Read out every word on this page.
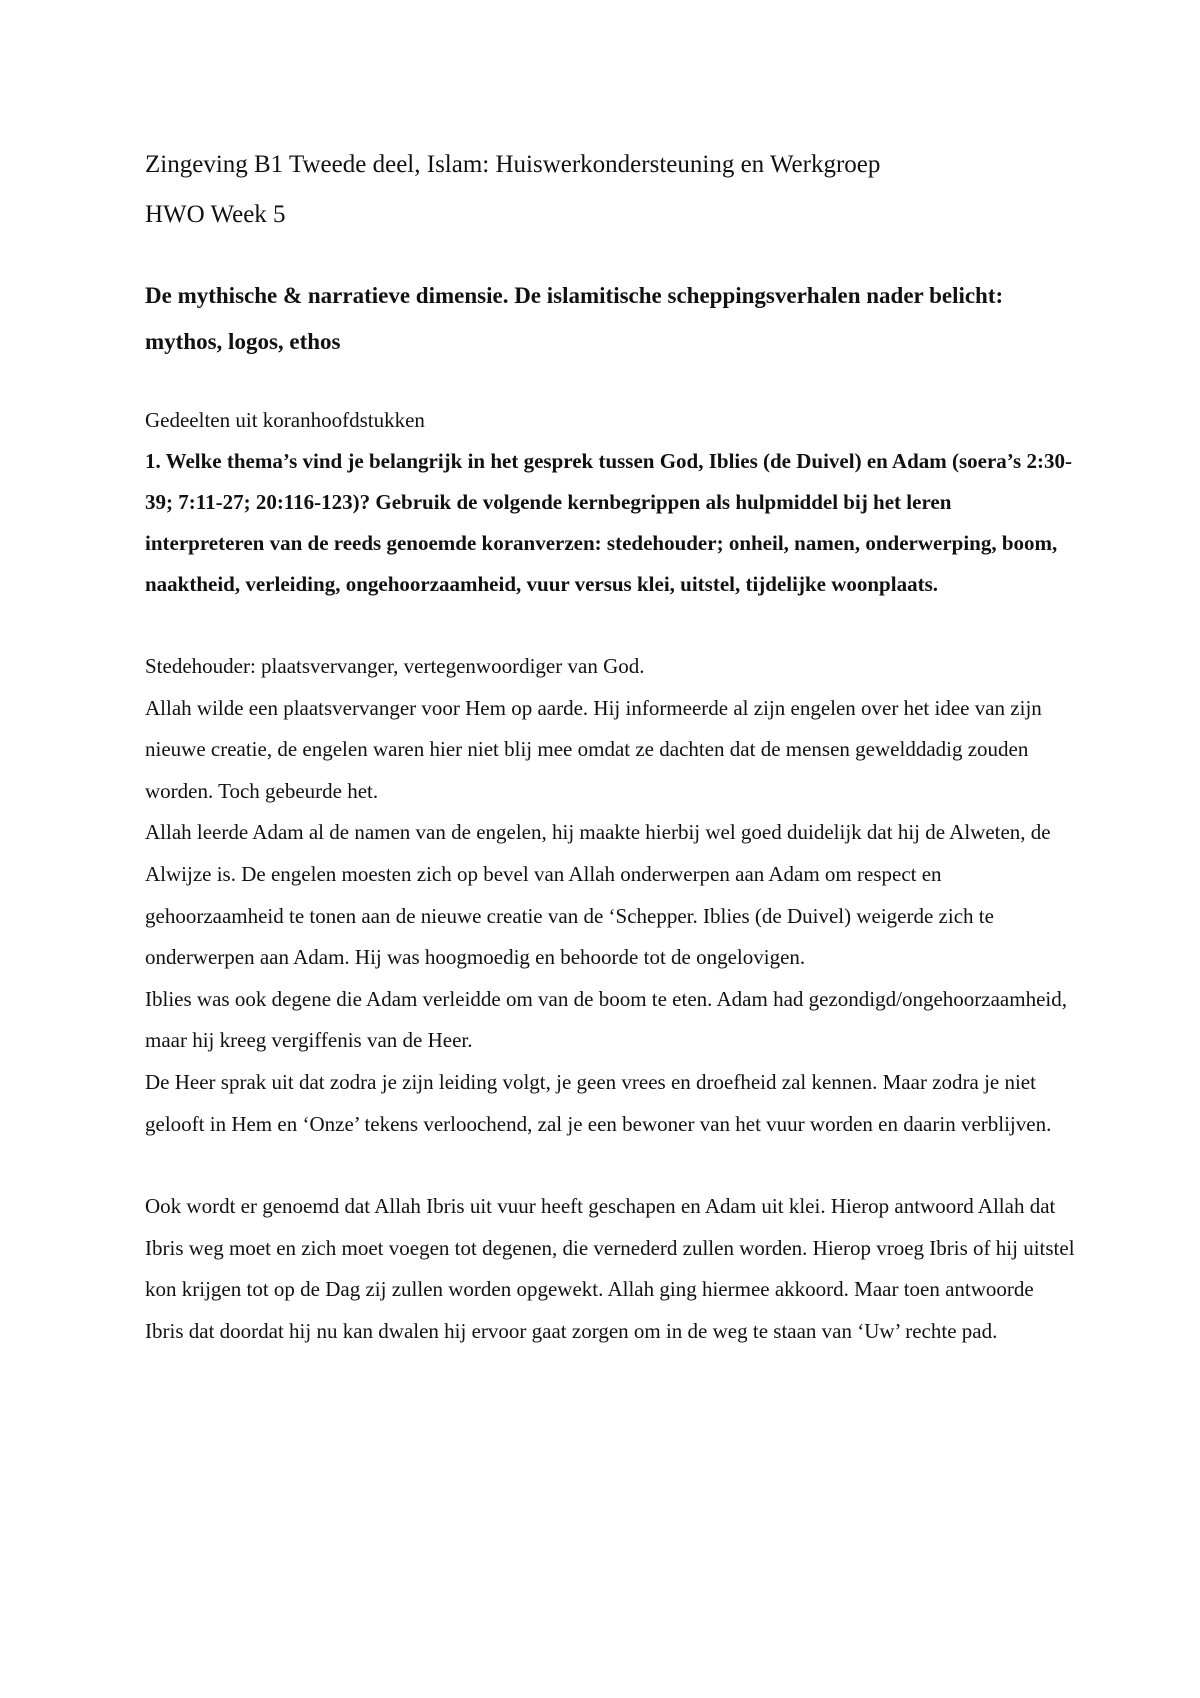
Zingeving B1 Tweede deel, Islam: Huiswerkondersteuning en Werkgroep

HWO Week 5

De mythische & narratieve dimensie. De islamitische scheppingsverhalen nader belicht: mythos, logos, ethos

Gedeelten uit koranhoofdstukken

1. Welke thema’s vind je belangrijk in het gesprek tussen God, Iblies (de Duivel) en Adam (soera’s 2:30-39; 7:11-27; 20:116-123)? Gebruik de volgende kernbegrippen als hulpmiddel bij het leren interpreteren van de reeds genoemde koranverzen: stedehouder; onheil, namen, onderwerping, boom, naaktheid, verleiding, ongehoorzaamheid, vuur versus klei, uitstel, tijdelijke woonplaats.

Stedehouder: plaatsvervanger, vertegenwoordiger van God.

Allah wilde een plaatsvervanger voor Hem op aarde. Hij informeerde al zijn engelen over het idee van zijn nieuwe creatie, de engelen waren hier niet blij mee omdat ze dachten dat de mensen gewelddadig zouden worden. Toch gebeurde het.

Allah leerde Adam al de namen van de engelen, hij maakte hierbij wel goed duidelijk dat hij de Alweten, de Alwijze is. De engelen moesten zich op bevel van Allah onderwerpen aan Adam om respect en gehoorzaamheid te tonen aan de nieuwe creatie van de ‘Schepper. Iblies (de Duivel) weigerde zich te onderwerpen aan Adam. Hij was hoogmoedig en behoorde tot de ongelovigen.

Iblies was ook degene die Adam verleidde om van de boom te eten. Adam had gezondigd/ongehoorzaamheid, maar hij kreeg vergiffenis van de Heer.

De Heer sprak uit dat zodra je zijn leiding volgt, je geen vrees en droefheid zal kennen. Maar zodra je niet gelooft in Hem en ‘Onze’ tekens verloochend, zal je een bewoner van het vuur worden en daarin verblijven.

Ook wordt er genoemd dat Allah Ibris uit vuur heeft geschapen en Adam uit klei. Hierop antwoord Allah dat Ibris weg moet en zich moet voegen tot degenen, die vernederd zullen worden. Hierop vroeg Ibris of hij uitstel kon krijgen tot op de Dag zij zullen worden opgewekt. Allah ging hiermee akkoord. Maar toen antwoorde Ibris dat doordat hij nu kan dwalen hij ervoor gaat zorgen om in de weg te staan van ‘Uw’ rechte pad.
